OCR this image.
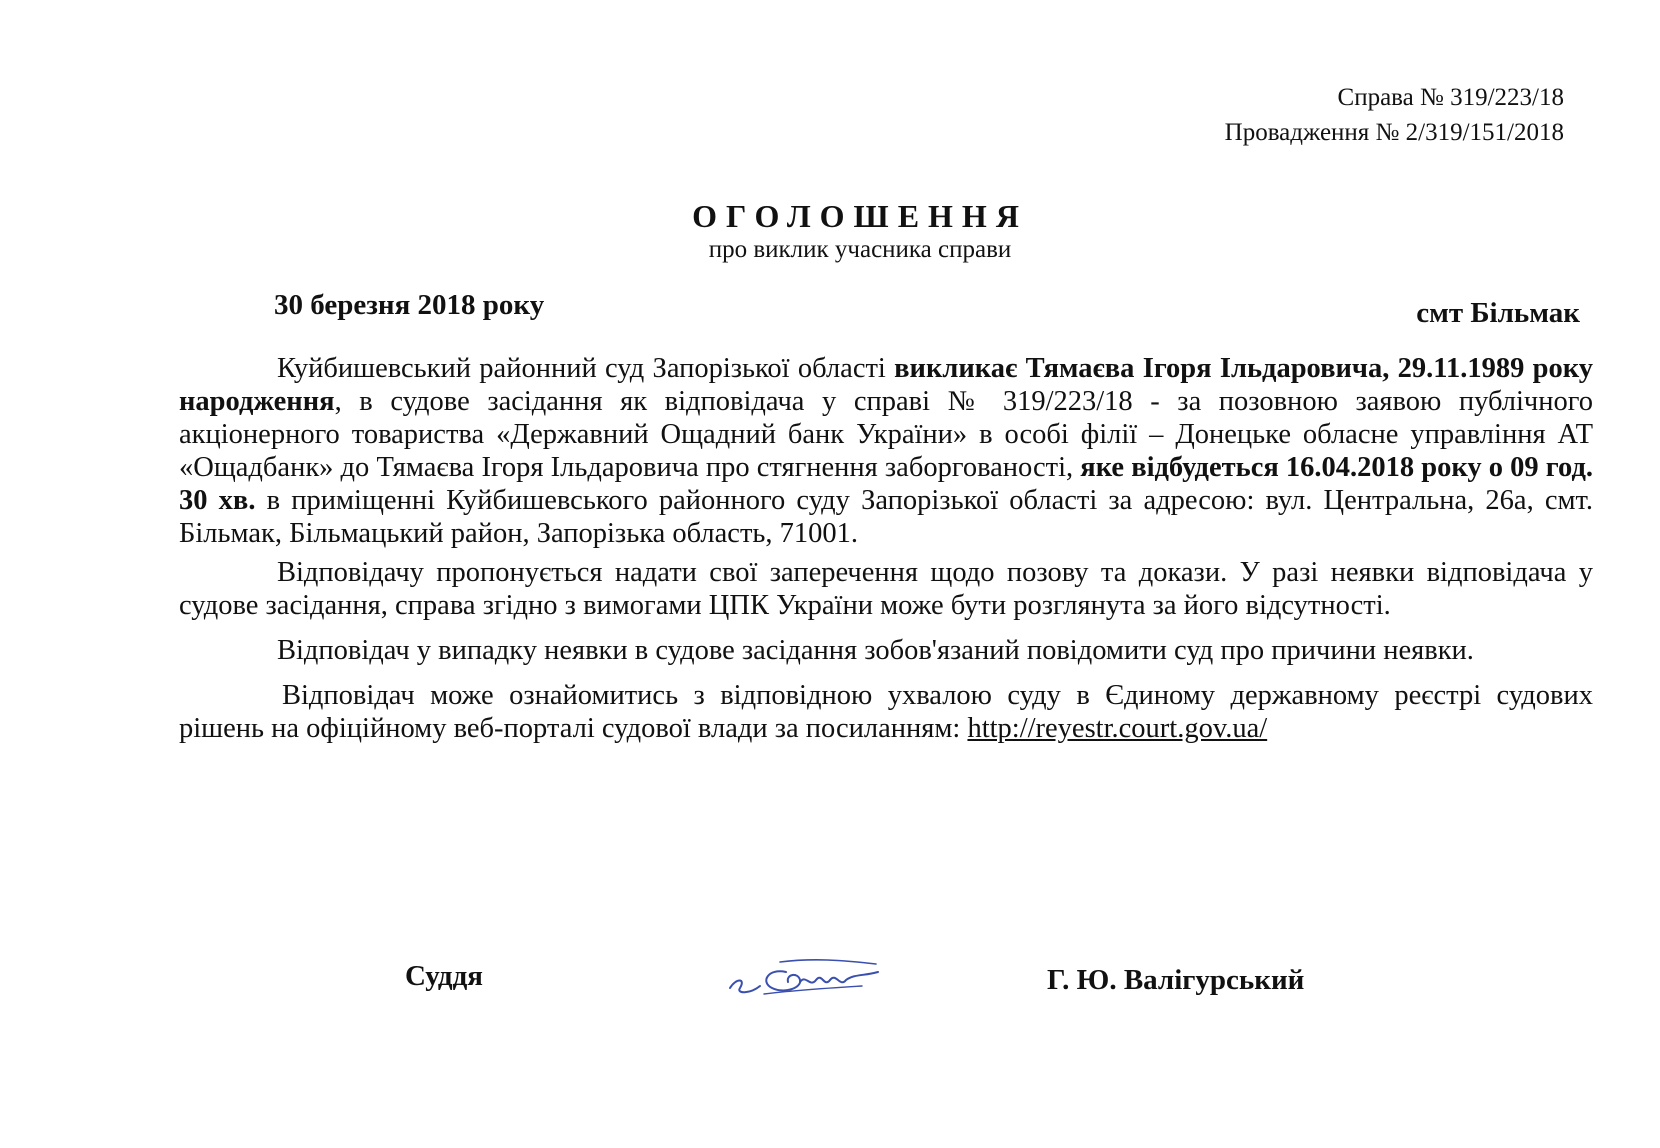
Справа № 319/223/18
Провадження № 2/319/151/2018
ОГОЛОШЕННЯ
про виклик учасника справи
30 березня 2018 року	смт Більмак

Куйбишевський районний суд Запорізької області викликає Тямаєва Ігоря Ільдаровича, 29.11.1989 року народження, в судове засідання як відповідача у справі № 319/223/18 - за позовною заявою публічного акціонерного товариства «Державний Ощадний банк України» в особі філії – Донецьке обласне управління АТ «Ощадбанк» до Тямаєва Ігоря Ільдаровича про стягнення заборгованості, яке відбудеться 16.04.2018 року о 09 год. 30 хв. в приміщенні Куйбишевського районного суду Запорізької області за адресою: вул. Центральна, 26а, смт. Більмак, Більмацький район, Запорізька область, 71001.

Відповідачу пропонується надати свої заперечення щодо позову та докази. У разі неявки відповідача у судове засідання, справа згідно з вимогами ЦПК України може бути розглянута за його відсутності.

Відповідач у випадку неявки в судове засідання зобов'язаний повідомити суд про причини неявки.

Відповідач може ознайомитись з відповідною ухвалою суду в Єдиному державному реєстрі судових рішень на офіційному веб-порталі судової влади за посиланням: http://reyestr.court.gov.ua/

Суддя	Г. Ю. Валігурський
